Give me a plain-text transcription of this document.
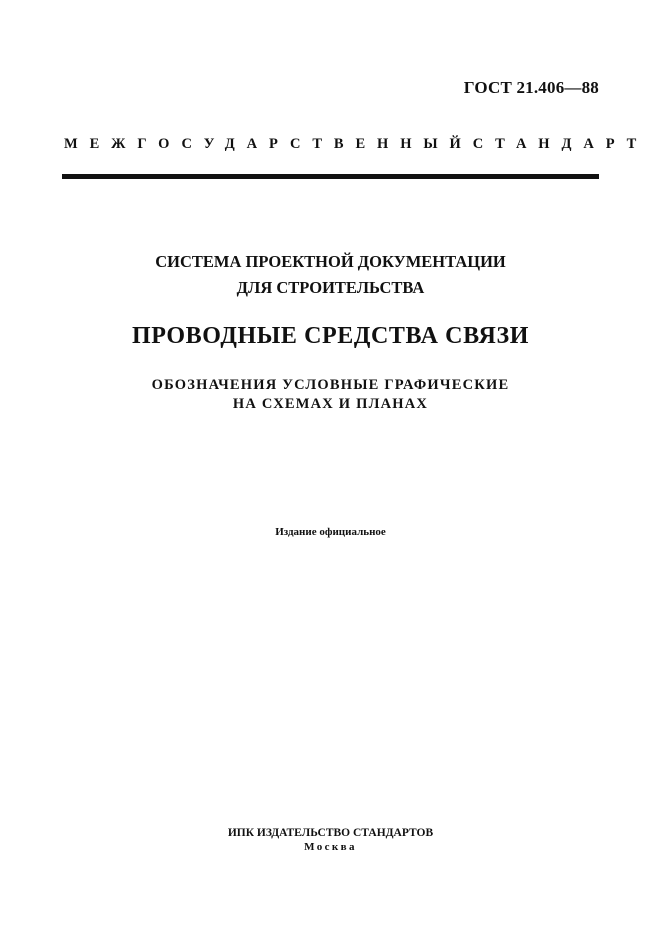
ГОСТ 21.406—88
МЕЖГОСУДАРСТВЕННЫЙ СТАНДАРТ
СИСТЕМА ПРОЕКТНОЙ ДОКУМЕНТАЦИИ
ДЛЯ СТРОИТЕЛЬСТВА
ПРОВОДНЫЕ СРЕДСТВА СВЯЗИ
ОБОЗНАЧЕНИЯ УСЛОВНЫЕ ГРАФИЧЕСКИЕ
НА СХЕМАХ И ПЛАНАХ
Издание официальное
ИПК ИЗДАТЕЛЬСТВО СТАНДАРТОВ
Москва
